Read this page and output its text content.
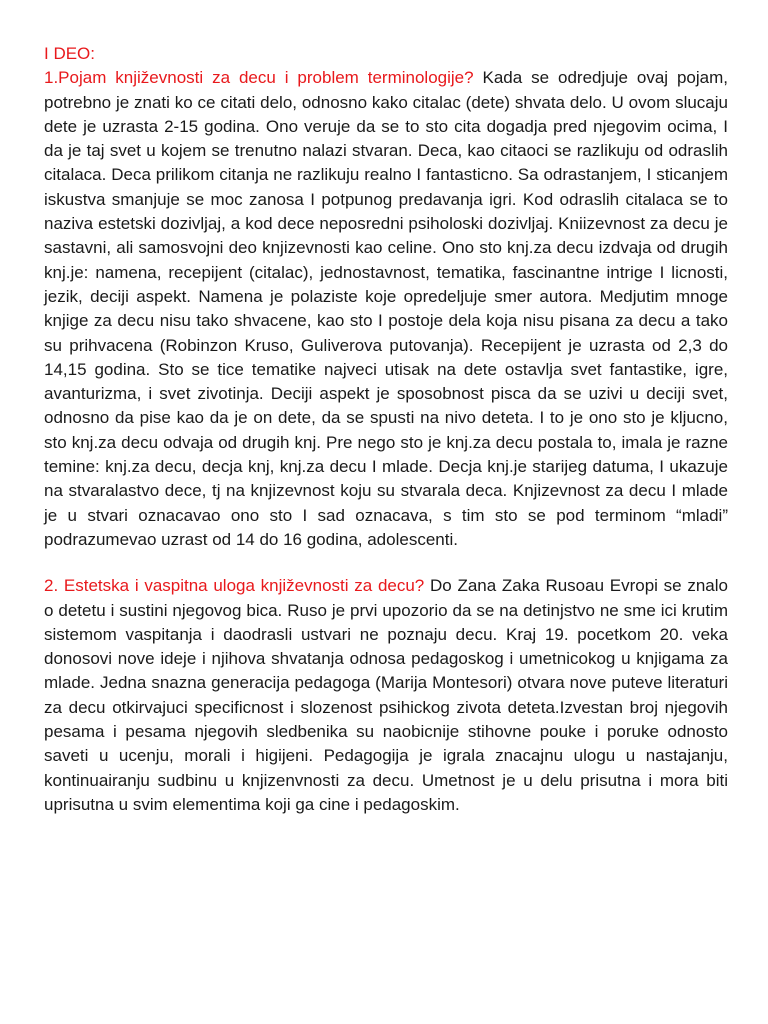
I DEO:

1.Pojam književnosti za decu i problem terminologije? Kada se odredjuje ovaj pojam, potrebno je znati ko ce citati delo, odnosno kako citalac (dete) shvata delo. U ovom slucaju dete je uzrasta 2-15 godina. Ono veruje da se to sto cita dogadja pred njegovim ocima, I da je taj svet u kojem se trenutno nalazi stvaran. Deca, kao citaoci se razlikuju od odraslih citalaca. Deca prilikom citanja ne razlikuju realno I fantasticno. Sa odrastanjem, I sticanjem iskustva smanjuje se moc zanosa I potpunog predavanja igri. Kod odraslih citalaca se to naziva estetski dozivljaj, a kod dece neposredni psiholoski dozivljaj. Kniizevnost za decu je sastavni, ali samosvojni deo knjizevnosti kao celine. Ono sto knj.za decu izdvaja od drugih knj.je: namena, recepijent (citalac), jednostavnost, tematika, fascinantne intrige I licnosti, jezik, deciji aspekt. Namena je polaziste koje opredeljuje smer autora. Medjutim mnoge knjige za decu nisu tako shvacene, kao sto I postoje dela koja nisu pisana za decu a tako su prihvacena (Robinzon Kruso, Guliverova putovanja). Recepijent je uzrasta od 2,3 do 14,15 godina. Sto se tice tematike najveci utisak na dete ostavlja svet fantastike, igre, avanturizma, i svet zivotinja. Deciji aspekt je sposobnost pisca da se uzivi u deciji svet, odnosno da pise kao da je on dete, da se spusti na nivo deteta. I to je ono sto je kljucno, sto knj.za decu odvaja od drugih knj. Pre nego sto je knj.za decu postala to, imala je razne temine: knj.za decu, decja knj, knj.za decu I mlade. Decja knj.je starijeg datuma, I ukazuje na stvaralastvo dece, tj na knjizevnost koju su stvarala deca. Knjizevnost za decu I mlade je u stvari oznacavao ono sto I sad oznacava, s tim sto se pod terminom “mladi” podrazumevao uzrast od 14 do 16 godina, adolescenti.

2. Estetska i vaspitna uloga književnosti za decu? Do Zana Zaka Rusoau Evropi se znalo o detetu i sustini njegovog bica. Ruso je prvi upozorio da se na detinjstvo ne sme ici krutim sistemom vaspitanja i daodrasli ustvari ne poznaju decu. Kraj 19. pocetkom 20. veka donosovi nove ideje i njihova shvatanja odnosa pedagoskog i umetnicokog u knjigama za mlade. Jedna snazna generacija pedagoga (Marija Montesori) otvara nove puteve literaturi za decu otkirvajuci specificnost i slozenost psihickog zivota deteta.Izvestan broj njegovih pesama i pesama njegovih sledbenika su naobicnije stihovne pouke i poruke odnosto saveti u ucenju, morali i higijeni. Pedagogija je igrala znacajnu ulogu u nastajanju, kontinuairanju sudbinu u knjizenvnosti za decu. Umetnost je u delu prisutna i mora biti uprisutna u svim elementima koji ga cine i pedagoskim.
